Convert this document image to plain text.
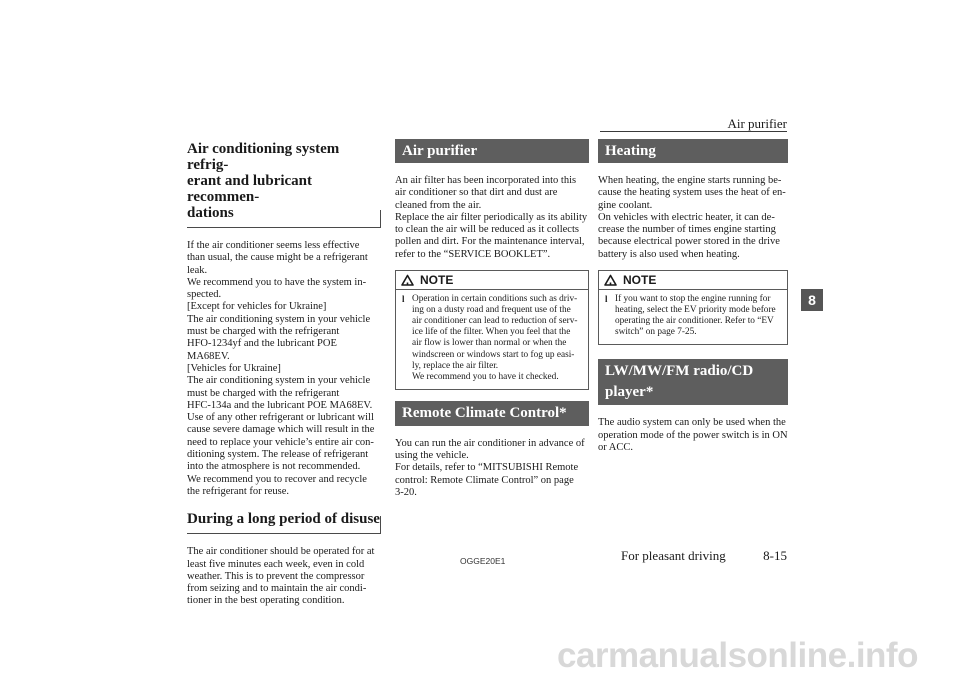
Air purifier
8
Air conditioning system refrig-
erant and lubricant recommen-
dations

If the air conditioner seems less effective

than usual, the cause might be a refrigerant

leak.

We recommend you to have the system in-

spected.

[Except for vehicles for Ukraine]

The air conditioning system in your vehicle

must be charged with the refrigerant

HFO-1234yf and the lubricant POE

MA68EV.

[Vehicles for Ukraine]

The air conditioning system in your vehicle

must be charged with the refrigerant

HFC-134a and the lubricant POE MA68EV.

Use of any other refrigerant or lubricant will

cause severe damage which will result in the

need to replace your vehicle’s entire air con-

ditioning system. The release of refrigerant

into the atmosphere is not recommended.

We recommend you to recover and recycle

the refrigerant for reuse.

During a long period of disuse

The air conditioner should be operated for at

least five minutes each week, even in cold

weather. This is to prevent the compressor

from seizing and to maintain the air condi-

tioner in the best operating condition.

Air purifier

An air filter has been incorporated into this

air conditioner so that dirt and dust are

cleaned from the air.

Replace the air filter periodically as its ability

to clean the air will be reduced as it collects

pollen and dirt. For the maintenance interval,

refer to the “SERVICE BOOKLET”.

NOTE
l Operation in certain conditions such as driv-

ing on a dusty road and frequent use of the

air conditioner can lead to reduction of serv-

ice life of the filter. When you feel that the

air flow is lower than normal or when the

windscreen or windows start to fog up easi-

ly, replace the air filter.

We recommend you to have it checked.

Remote Climate Control*

You can run the air conditioner in advance of

using the vehicle.

For details, refer to “MITSUBISHI Remote

control: Remote Climate Control” on page

3-20.

Heating

When heating, the engine starts running be-

cause the heating system uses the heat of en-

gine coolant.

On vehicles with electric heater, it can de-

crease the number of times engine starting

because electrical power stored in the drive

battery is also used when heating.

NOTE
l If you want to stop the engine running for

heating, select the EV priority mode before

operating the air conditioner. Refer to “EV

switch” on page 7-25.

LW/MW/FM radio/CD
player*

The audio system can only be used when the

operation mode of the power switch is in ON

or ACC.

OGGE20E1	For pleasant driving	8-15
carmanualsonline.info
